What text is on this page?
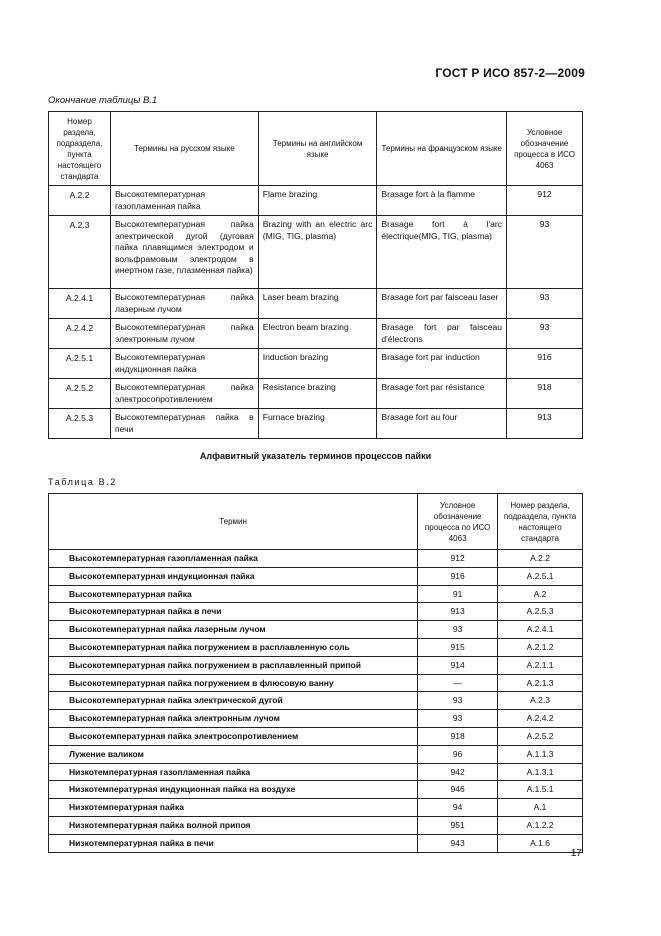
ГОСТ Р ИСО 857-2—2009
Окончание таблицы В.1
Номер раздела, подраздела, пункта настоящего стандарта	Термины на русском языке	Термины на английском языке	Термины на французском языке	Условное обозначение процесса в ИСО 4063
A.2.2	Высокотемпературная газопламенная пайка	Flame brazing	Brasage fort à la flamme	912
A.2.3	Высокотемпературная пайка электрической дугой (дуговая пайка плавящимся электродом и вольфрамовым электродом в инертном газе, плазменная пайка)	Brazing with an electric arc (MIG, TIG, plasma)	Brasage fort à l'arc électrique(MIG, TIG, plasma)	93
A.2.4.1	Высокотемпературная пайка лазерным лучом	Laser beam brazing	Brasage fort par faisceau laser	93
A.2.4.2	Высокотемпературная пайка электронным лучом	Electron beam brazing	Brasage fort par faisceau d'électrons	93
A.2.5.1	Высокотемпературная индукционная пайка	Induction brazing	Brasage fort par induction	916
A.2.5.2	Высокотемпературная пайка электросопротивлением	Resistance brazing	Brasage fort par résistance	918
A.2.5.3	Высокотемпературная пайка в печи	Furnace brazing	Brasage fort au four	913
Алфавитный указатель терминов процессов пайки
Таблица В.2
Термин	Условное обозначение процесса по ИСО 4063	Номер раздела, подраздела, пункта настоящего стандарта
Высокотемпературная газопламенная пайка	912	A.2.2
Высокотемпературная индукционная пайка	916	A.2.5.1
Высокотемпературная пайка	91	A.2
Высокотемпературная пайка в печи	913	A.2.5.3
Высокотемпературная пайка лазерным лучом	93	A.2.4.1
Высокотемпературная пайка погружением в расплавленную соль	915	A.2.1.2
Высокотемпературная пайка погружением в расплавленный припой	914	A.2.1.1
Высокотемпературная пайка погружением в флюсовую ванну	—	A.2.1.3
Высокотемпературная пайка электрической дугой	93	A.2.3
Высокотемпературная пайка электронным лучом	93	A.2.4.2
Высокотемпературная пайка электросопротивлением	918	A.2.5.2
Лужение валиком	96	A.1.1.3
Низкотемпературная газопламенная пайка	942	A.1.3.1
Низкотемпературная индукционная пайка на воздухе	946	A.1.5.1
Низкотемпературная пайка	94	A.1
Низкотемпературная пайка волной припоя	951	A.1.2.2
Низкотемпературная пайка в печи	943	A.1.6
17
